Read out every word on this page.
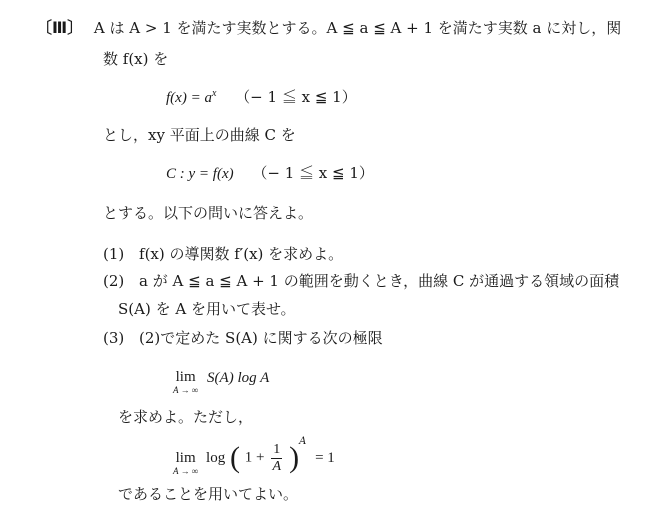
〔Ⅲ〕 A は A > 1 を満たす実数とする。A ≦ a ≦ A + 1 を満たす実数 a に対し，関
数 f(x) を
$f(x) = a^x$ （− 1 ≦ x ≦ 1）
とし，xy 平面上の曲線 C を
C : y = f(x) （− 1 ≦ x ≦ 1）
とする。以下の問いに答えよ。
(1) f(x) の導関数 f′(x) を求めよ。
(2) a が A ≦ a ≦ A + 1 の範囲を動くとき，曲線 C が通過する領域の面積
S(A) を A を用いて表せ。
(3) (2)で定めた S(A) に関する次の極限
lim
A → ∞
S(A) log A
を求めよ。ただし，
lim
A → ∞
log ( $1 + \frac{1}{A} )^A = 1$
であることを用いてよい。
